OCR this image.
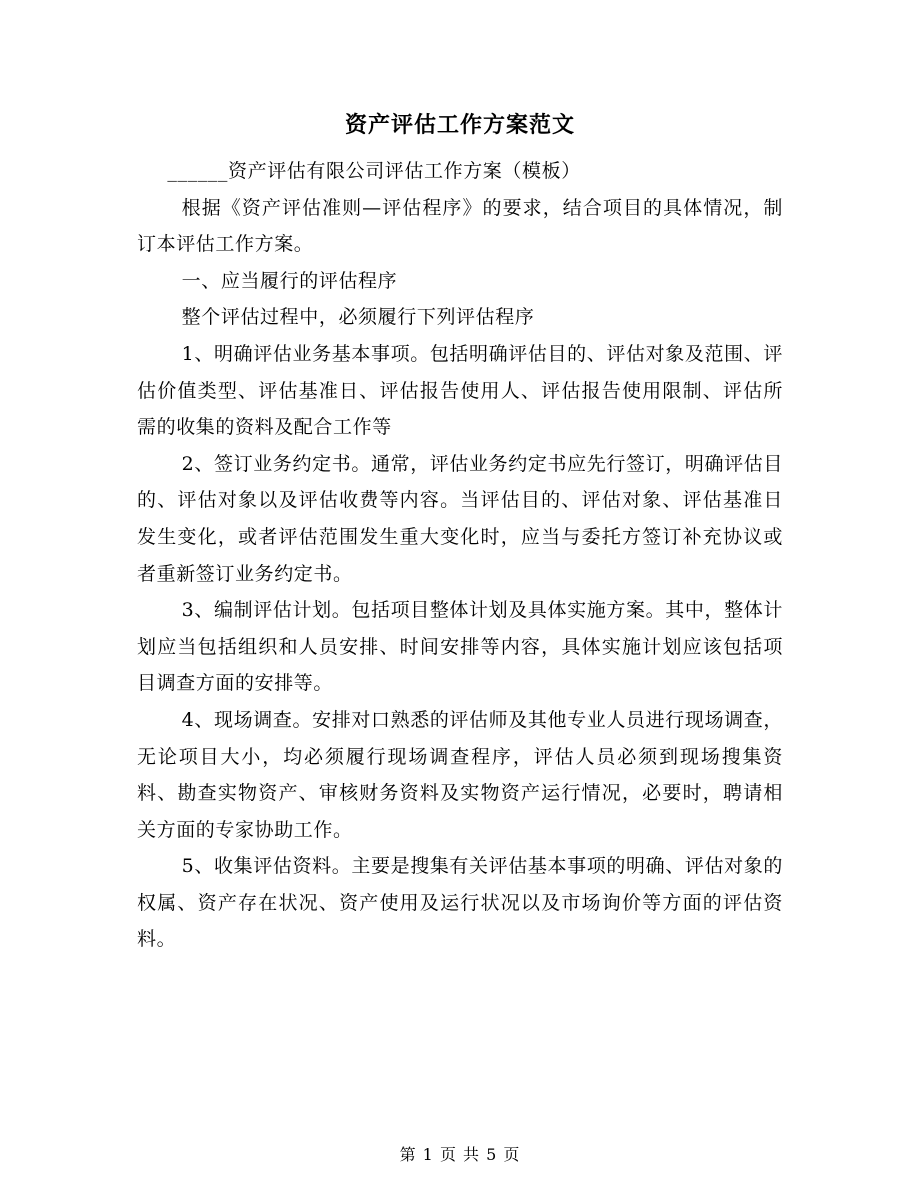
资产评估工作方案范文

______资产评估有限公司评估工作方案（模板）

根据《资产评估准则—评估程序》的要求，结合项目的具体情况，制订本评估工作方案。

一、应当履行的评估程序

整个评估过程中，必须履行下列评估程序

1、明确评估业务基本事项。包括明确评估目的、评估对象及范围、评估价值类型、评估基准日、评估报告使用人、评估报告使用限制、评估所需的收集的资料及配合工作等

2、签订业务约定书。通常，评估业务约定书应先行签订，明确评估目的、评估对象以及评估收费等内容。当评估目的、评估对象、评估基准日发生变化，或者评估范围发生重大变化时，应当与委托方签订补充协议或者重新签订业务约定书。

3、编制评估计划。包括项目整体计划及具体实施方案。其中，整体计划应当包括组织和人员安排、时间安排等内容，具体实施计划应该包括项目调查方面的安排等。

4、现场调查。安排对口熟悉的评估师及其他专业人员进行现场调查，无论项目大小，均必须履行现场调查程序，评估人员必须到现场搜集资料、勘查实物资产、审核财务资料及实物资产运行情况，必要时，聘请相关方面的专家协助工作。

5、收集评估资料。主要是搜集有关评估基本事项的明确、评估对象的权属、资产存在状况、资产使用及运行状况以及市场询价等方面的评估资料。

第 1 页 共 5 页
